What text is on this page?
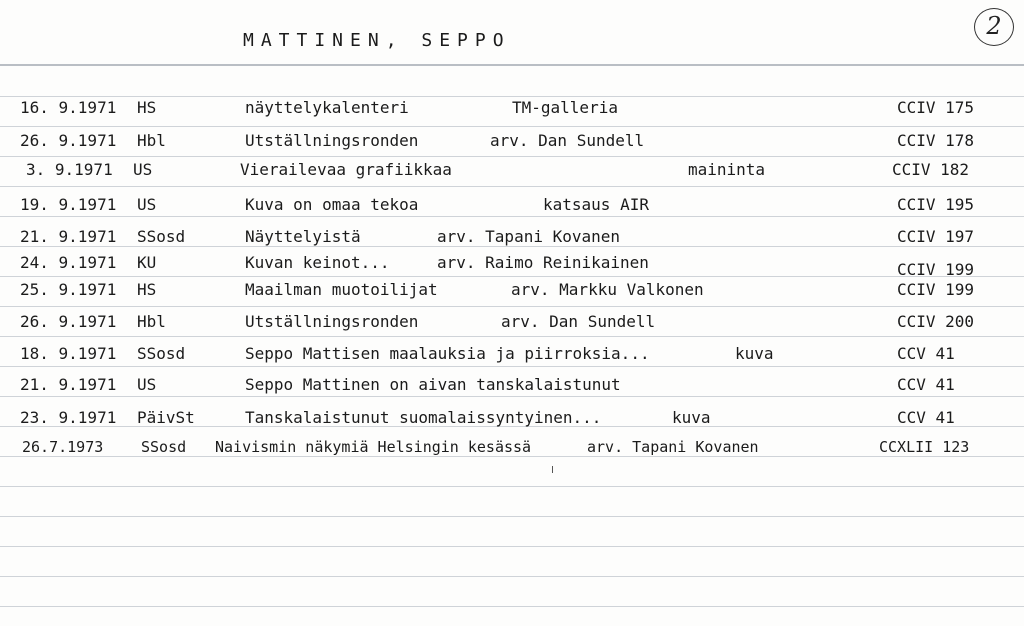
MATTINEN, SEPPO
2
16. 9.1971 HS	näyttelykalenteri	TM-galleria	CCIV 175
26. 9.1971 Hbl	Utställningsronden	arv. Dan Sundell	CCIV 178
3. 9.1971 US	Vierailevaa grafiikkaa	maininta	CCIV 182
19. 9.1971 US	Kuva on omaa tekoa	katsaus AIR	CCIV 195
21. 9.1971 SSosd	Näyttelyistä	arv. Tapani Kovanen	CCIV 197
24. 9.1971 KU	Kuvan keinot...	arv. Raimo Reinikainen	CCIV 199
25. 9.1971 HS	Maailman muotoilijat	arv. Markku Valkonen	CCIV 199
26. 9.1971 Hbl	Utställningsronden	arv. Dan Sundell	CCIV 200
18. 9.1971 SSosd	Seppo Mattisen maalauksia ja piirroksia...	kuva	CCV 41
21. 9.1971 US	Seppo Mattinen on aivan tanskalaistunut	CCV 41
23. 9.1971 PäivSt	Tanskalaistunut suomalaissyntyinen...	kuva	CCV 41
26.7.1973	SSosd Naivismin näkymiä Helsingin kesässä	arv. Tapani Kovanen	CCXLII 123
